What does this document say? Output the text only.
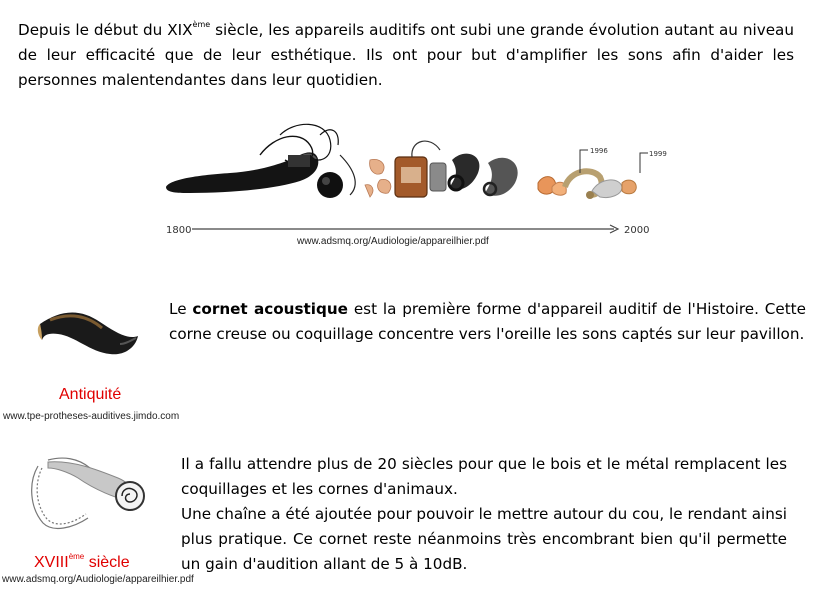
Depuis le début du XIXème siècle, les appareils auditifs ont subi une grande évolution autant au niveau de leur efficacité que de leur esthétique. Ils ont pour but d'amplifier les sons afin d'aider les personnes malentendantes dans leur quotidien.
1996	1999
1800	2000
www.adsmq.org/Audiologie/appareilhier.pdf
Le cornet acoustique est la première forme d'appareil auditif de l'Histoire. Cette corne creuse ou coquillage concentre vers l'oreille les sons captés sur leur pavillon.
Antiquité
www.tpe-protheses-auditives.jimdo.com
Il a fallu attendre plus de 20 siècles pour que le bois et le métal remplacent les coquillages et les cornes d'animaux.
Une chaîne a été ajoutée pour pouvoir le mettre autour du cou, le rendant ainsi plus pratique. Ce cornet reste néanmoins très encombrant bien qu'il permette un gain d'audition allant de 5 à 10dB.
XVIIIème siècle
www.adsmq.org/Audiologie/appareilhier.pdf
